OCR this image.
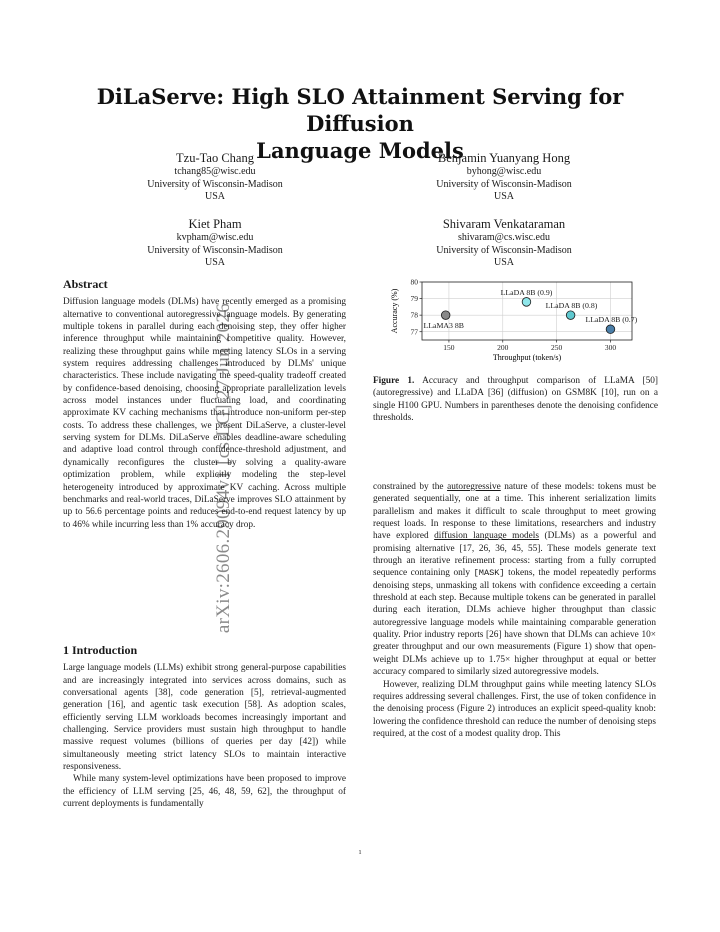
arXiv:2606.29094v1 [cs.LG] 27 Jun 2026
DiLaServe: High SLO Attainment Serving for Diffusion
Language Models
Tzu-Tao Chang
tchang85@wisc.edu
University of Wisconsin-Madison
USA
Benjamin Yuanyang Hong
byhong@wisc.edu
University of Wisconsin-Madison
USA
Kiet Pham
kvpham@wisc.edu
University of Wisconsin-Madison
USA
Shivaram Venkataraman
shivaram@cs.wisc.edu
University of Wisconsin-Madison
USA
Abstract

Diffusion language models (DLMs) have recently emerged as a promising alternative to conventional autoregressive language models. By generating multiple tokens in parallel during each denoising step, they offer higher inference throughput while maintaining competitive quality. However, realizing these throughput gains while meeting latency SLOs in a serving system requires addressing challenges introduced by DLMs' unique characteristics. These include navigating the speed-quality tradeoff created by confidence-based denoising, choosing appropriate parallelization levels across model instances under fluctuating load, and coordinating approximate KV caching mechanisms that introduce non-uniform per-step costs. To address these challenges, we present DiLaServe, a cluster-level serving system for DLMs. DiLaServe enables deadline-aware scheduling and adaptive load control through confidence-threshold adjustment, and dynamically reconfigures the cluster by solving a quality-aware optimization problem, while explicitly modeling the step-level heterogeneity introduced by approximate KV caching. Across multiple benchmarks and real-world traces, DiLaServe improves SLO attainment by up to 56.6 percentage points and reduces end-to-end request latency by up to 46% while incurring less than 1% accuracy drop.

1 Introduction

Large language models (LLMs) exhibit strong general-purpose capabilities and are increasingly integrated into services across domains, such as conversational agents [38], code generation [5], retrieval-augmented generation [16], and agentic task execution [58]. As adoption scales, efficiently serving LLM workloads becomes increasingly important and challenging. Service providers must sustain high throughput to handle massive request volumes (billions of queries per day [42]) while simultaneously meeting strict latency SLOs to maintain interactive responsiveness.

While many system-level optimizations have been proposed to improve the efficiency of LLM serving [25, 46, 48, 59, 62], the throughput of current deployments is fundamentally

150	200	250	300
77
78
79
80
LLaMA3 8B
LLaDA 8B (0.9)
LLaDA 8B (0.8)
LLaDA 8B (0.7)
Throughput (token/s)
Accuracy (%)
Figure 1. Accuracy and throughput comparison of LLaMA [50] (autoregressive) and LLaDA [36] (diffusion) on GSM8K [10], run on a single H100 GPU. Numbers in parentheses denote the denoising confidence thresholds.

constrained by the autoregressive nature of these models: tokens must be generated sequentially, one at a time. This inherent serialization limits parallelism and makes it difficult to scale throughput to meet growing request loads. In response to these limitations, researchers and industry have explored diffusion language models (DLMs) as a powerful and promising alternative [17, 26, 36, 45, 55]. These models generate text through an iterative refinement process: starting from a fully corrupted sequence containing only [MASK] tokens, the model repeatedly performs denoising steps, unmasking all tokens with confidence exceeding a certain threshold at each step. Because multiple tokens can be generated in parallel during each iteration, DLMs achieve higher throughput than classic autoregressive language models while maintaining comparable generation quality. Prior industry reports [26] have shown that DLMs can achieve 10× greater throughput and our own measurements (Figure 1) show that open-weight DLMs achieve up to 1.75× higher throughput at equal or better accuracy compared to similarly sized autoregressive models.

However, realizing DLM throughput gains while meeting latency SLOs requires addressing several challenges. First, the use of token confidence in the denoising process (Figure 2) introduces an explicit speed-quality knob: lowering the confidence threshold can reduce the number of denoising steps required, at the cost of a modest quality drop. This

1
